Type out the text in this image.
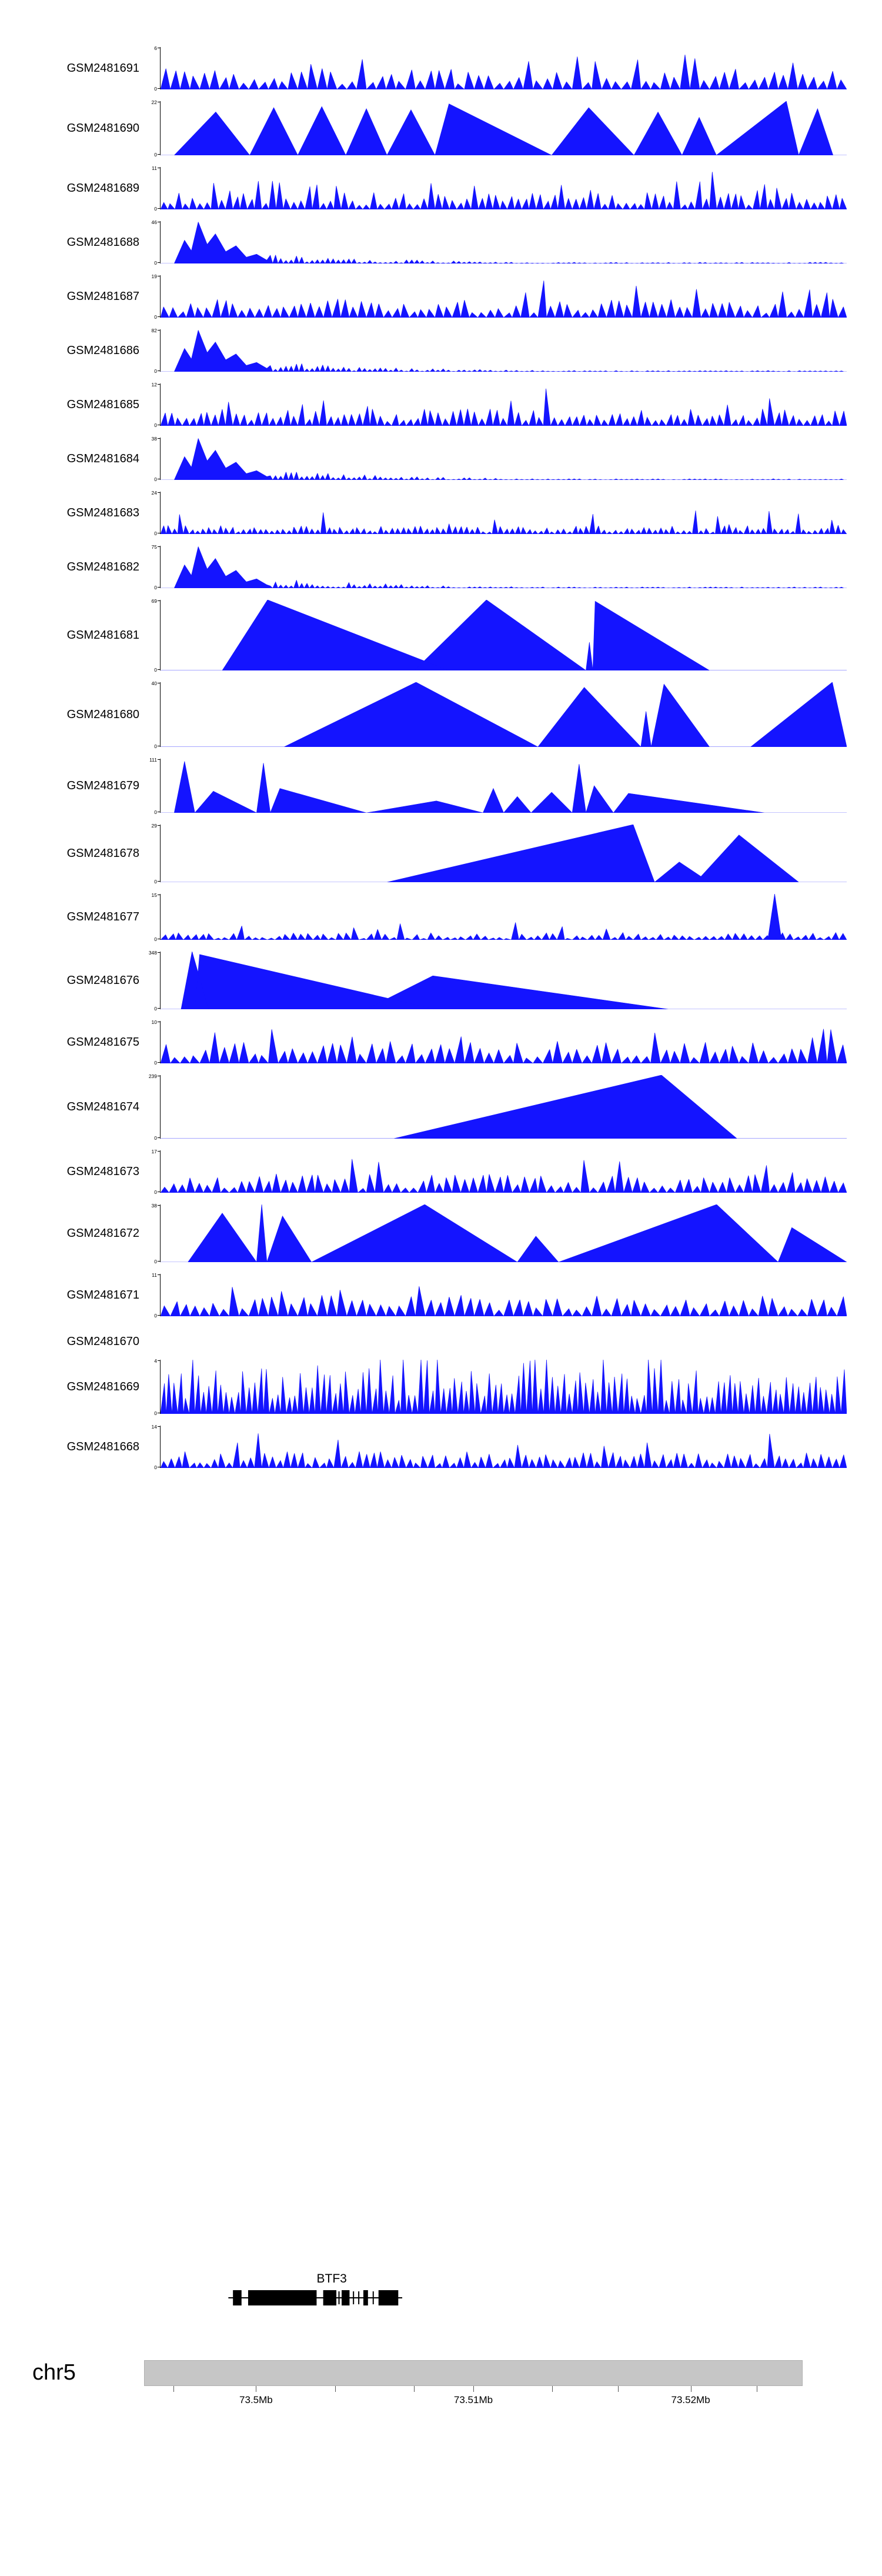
GSM2481691
6
0
GSM2481690
22
0
GSM2481689
11
0
GSM2481688
46
0
GSM2481687
19
0
GSM2481686
82
0
GSM2481685
12
0
GSM2481684
38
0
GSM2481683
24
0
GSM2481682
75
0
GSM2481681
69
0
GSM2481680
40
0
GSM2481679
111
0
GSM2481678
29
0
GSM2481677
15
0
GSM2481676
348
0
GSM2481675
10
0
GSM2481674
239
0
GSM2481673
17
0
GSM2481672
38
0
GSM2481671
11
0
GSM2481670
GSM2481669
4
0
GSM2481668
14
0
BTF3
chr5
73.5Mb	73.51Mb	73.52Mb
